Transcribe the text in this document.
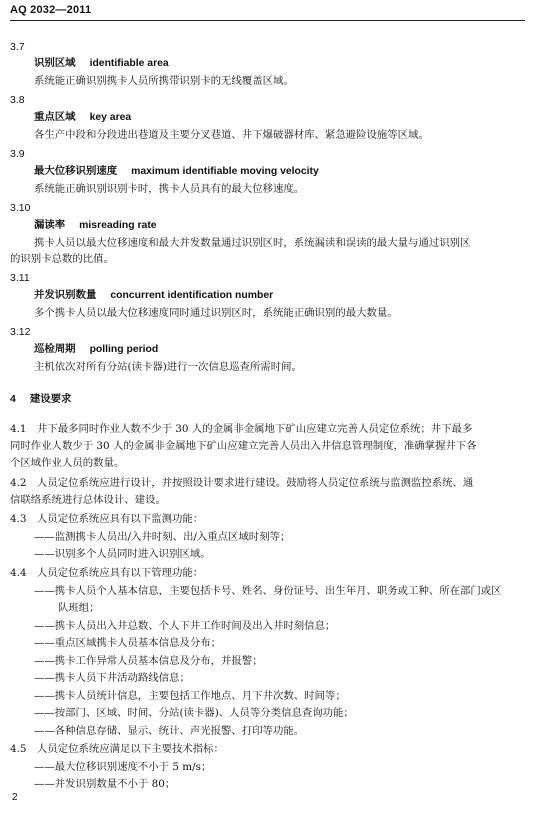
AQ 2032—2011
3.7
识别区域 identifiable area
系统能正确识别携卡人员所携带识别卡的无线覆盖区域。
3.8
重点区域 key area
各生产中段和分段进出巷道及主要分叉巷道、井下爆破器材库、紧急避险设施等区域。
3.9
最大位移识别速度 maximum identifiable moving velocity
系统能正确识别识别卡时，携卡人员具有的最大位移速度。
3.10
漏读率 misreading rate
携卡人员以最大位移速度和最大并发数量通过识别区时，系统漏读和误读的最大量与通过识别区
的识别卡总数的比值。
3.11
并发识别数量 concurrent identification number
多个携卡人员以最大位移速度同时通过识别区时，系统能正确识别的最大数量。
3.12
巡检周期 polling period
主机依次对所有分站(读卡器)进行一次信息巡查所需时间。
4 建设要求
4.1　井下最多同时作业人数不少于 30 人的金属非金属地下矿山应建立完善人员定位系统；井下最多
同时作业人数少于 30 人的金属非金属地下矿山应建立完善人员出入井信息管理制度，准确掌握井下各
个区域作业人员的数量。
4.2　人员定位系统应进行设计，并按照设计要求进行建设。鼓励将人员定位系统与监测监控系统、通
信联络系统进行总体设计、建设。
4.3　人员定位系统应具有以下监测功能：
——监测携卡人员出/入井时刻、出/入重点区域时刻等；
——识别多个人员同时进入识别区域。
4.4　人员定位系统应具有以下管理功能：
——携卡人员个人基本信息，主要包括卡号、姓名、身份证号、出生年月、职务或工种、所在部门或区
队班组；
——携卡人员出入井总数、个人下井工作时间及出入井时刻信息；
——重点区域携卡人员基本信息及分布；
——携卡工作异常人员基本信息及分布，并报警；
——携卡人员下井活动路线信息；
——携卡人员统计信息，主要包括工作地点、月下井次数、时间等；
——按部门、区域、时间、分站(读卡器)、人员等分类信息查询功能；
——各种信息存储、显示、统计、声光报警、打印等功能。
4.5　人员定位系统应满足以下主要技术指标：
——最大位移识别速度不小于 5 m/s；
——并发识别数量不小于 80；
2
